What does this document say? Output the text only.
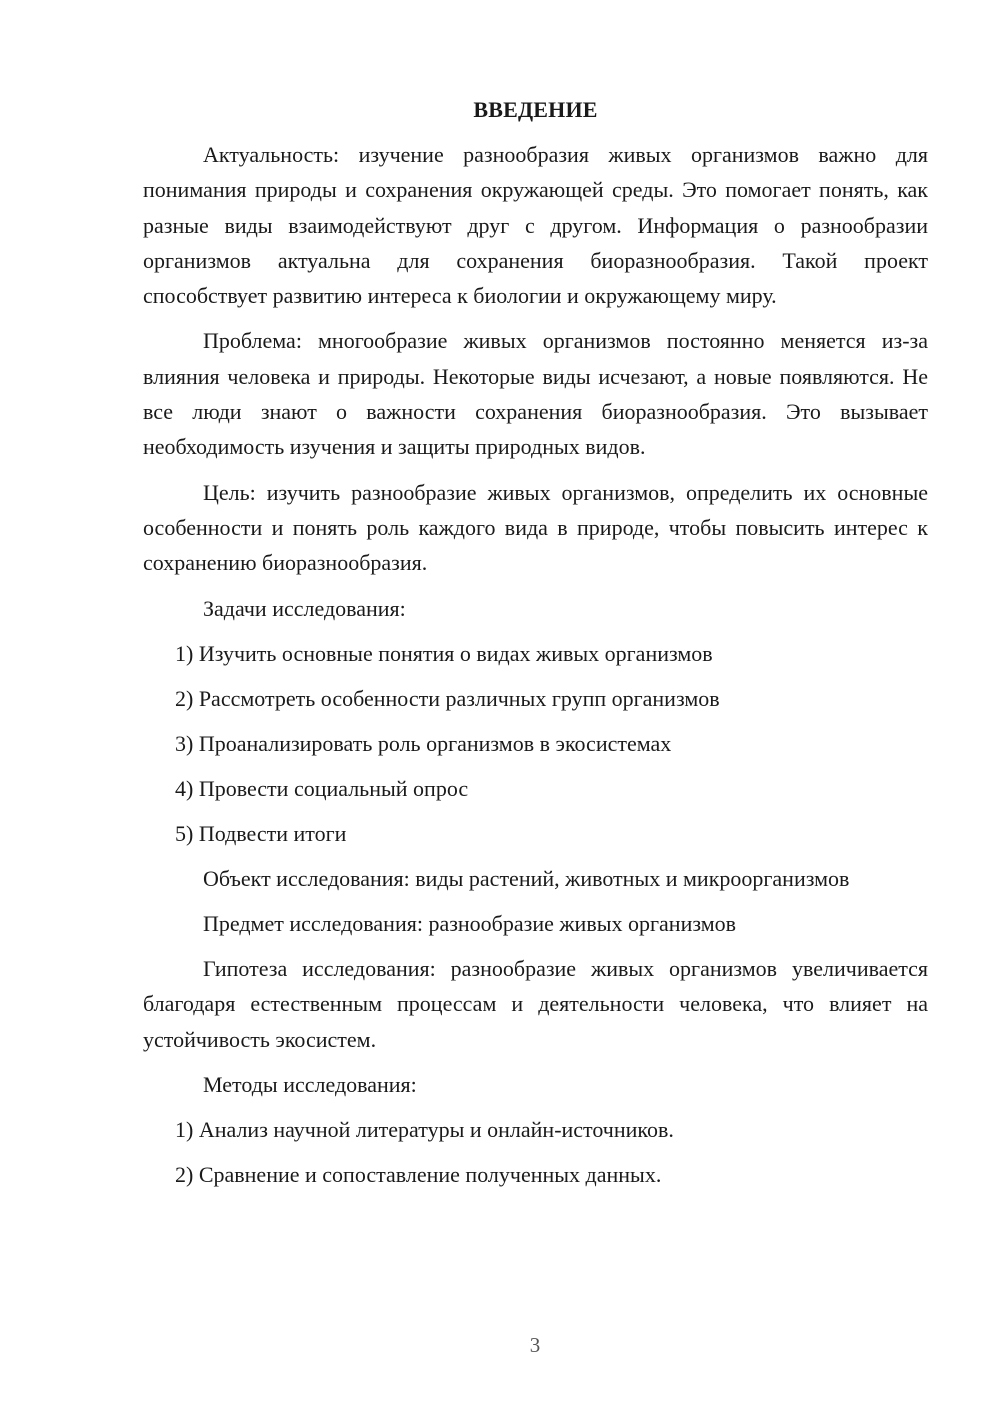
ВВЕДЕНИЕ

Актуальность: изучение разнообразия живых организмов важно для понимания природы и сохранения окружающей среды. Это помогает понять, как разные виды взаимодействуют друг с другом. Информация о разнообразии организмов актуальна для сохранения биоразнообразия. Такой проект способствует развитию интереса к биологии и окружающему миру.

Проблема: многообразие живых организмов постоянно меняется из-за влияния человека и природы. Некоторые виды исчезают, а новые появляются. Не все люди знают о важности сохранения биоразнообразия. Это вызывает необходимость изучения и защиты природных видов.

Цель: изучить разнообразие живых организмов, определить их основные особенности и понять роль каждого вида в природе, чтобы повысить интерес к сохранению биоразнообразия.

Задачи исследования:
1) Изучить основные понятия о видах живых организмов
2) Рассмотреть особенности различных групп организмов
3) Проанализировать роль организмов в экосистемах
4) Провести социальный опрос
5) Подвести итоги

Объект исследования: виды растений, животных и микроорганизмов

Предмет исследования: разнообразие живых организмов

Гипотеза исследования: разнообразие живых организмов увеличивается благодаря естественным процессам и деятельности человека, что влияет на устойчивость экосистем.

Методы исследования:
1) Анализ научной литературы и онлайн-источников.
2) Сравнение и сопоставление полученных данных.
3
